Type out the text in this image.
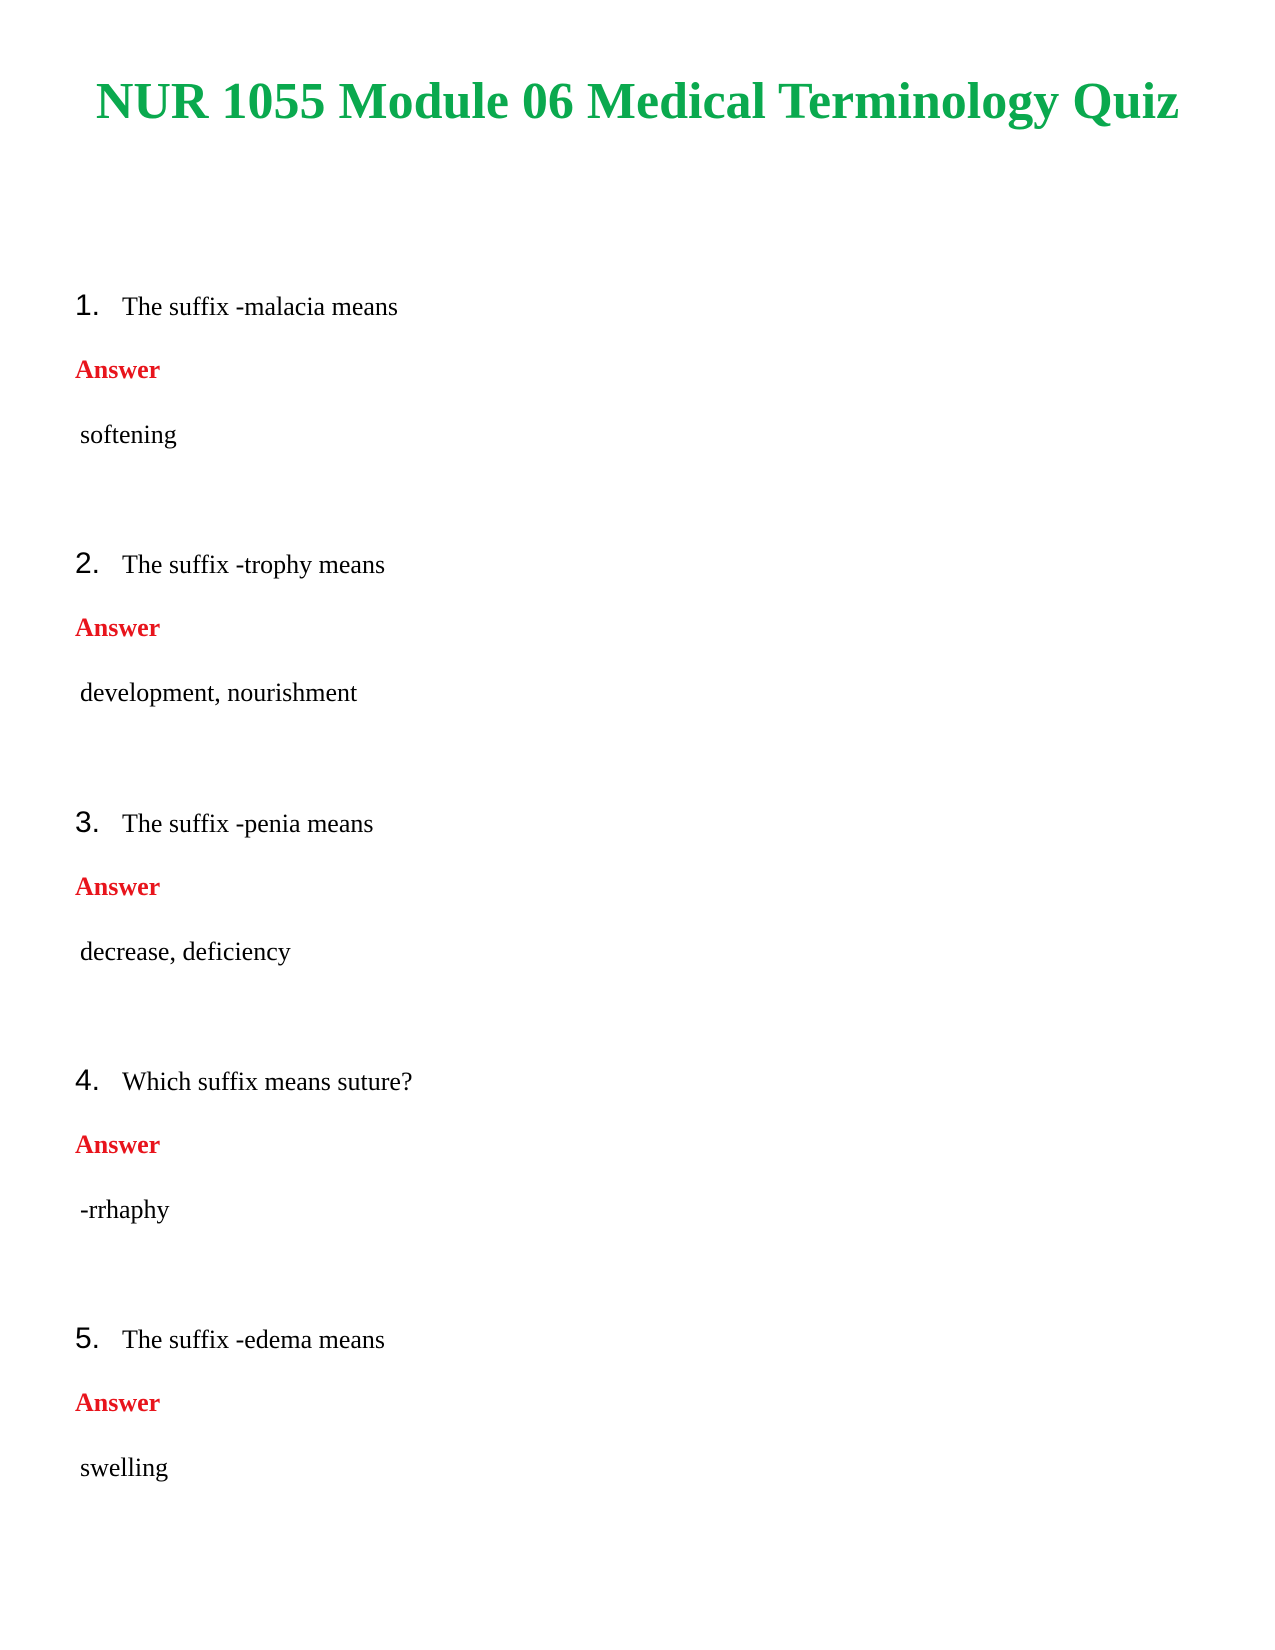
NUR 1055 Module 06 Medical Terminology Quiz
1. The suffix -malacia means
Answer
softening
2. The suffix -trophy means
Answer
development, nourishment
3. The suffix -penia means
Answer
decrease, deficiency
4. Which suffix means suture?
Answer
-rrhaphy
5. The suffix -edema means
Answer
swelling
